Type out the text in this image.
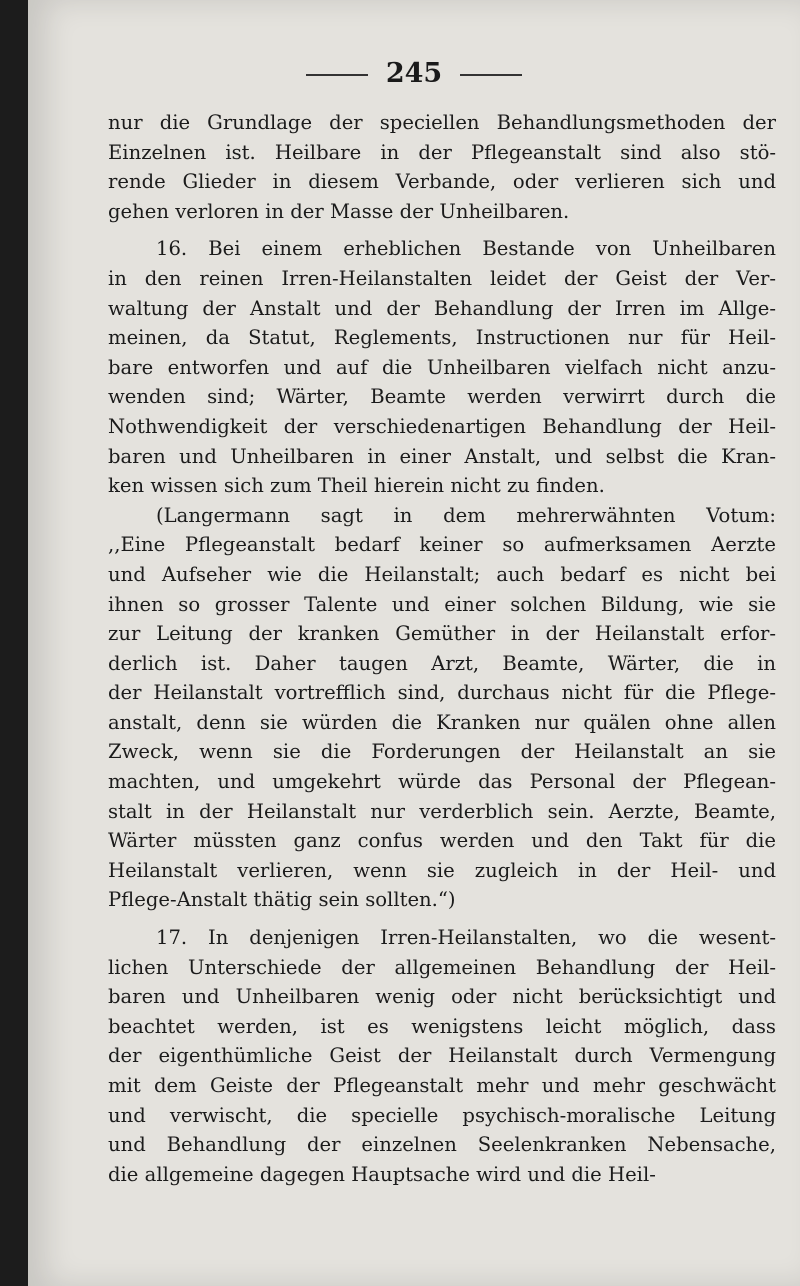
245
nur die Grundlage der speciellen Behandlungsmethoden der
Einzelnen ist. Heilbare in der Pflegeanstalt sind also stö-
rende Glieder in diesem Verbande, oder verlieren sich und
gehen verloren in der Masse der Unheilbaren.
16. Bei einem erheblichen Bestande von Unheilbaren
in den reinen Irren-Heilanstalten leidet der Geist der Ver-
waltung der Anstalt und der Behandlung der Irren im Allge-
meinen, da Statut, Reglements, Instructionen nur für Heil-
bare entworfen und auf die Unheilbaren vielfach nicht anzu-
wenden sind; Wärter, Beamte werden verwirrt durch die
Nothwendigkeit der verschiedenartigen Behandlung der Heil-
baren und Unheilbaren in einer Anstalt, und selbst die Kran-
ken wissen sich zum Theil hierein nicht zu finden.
(Langermann sagt in dem mehrerwähnten Votum:
,,Eine Pflegeanstalt bedarf keiner so aufmerksamen Aerzte
und Aufseher wie die Heilanstalt; auch bedarf es nicht bei
ihnen so grosser Talente und einer solchen Bildung, wie sie
zur Leitung der kranken Gemüther in der Heilanstalt erfor-
derlich ist. Daher taugen Arzt, Beamte, Wärter, die in
der Heilanstalt vortrefflich sind, durchaus nicht für die Pflege-
anstalt, denn sie würden die Kranken nur quälen ohne allen
Zweck, wenn sie die Forderungen der Heilanstalt an sie
machten, und umgekehrt würde das Personal der Pflegean-
stalt in der Heilanstalt nur verderblich sein. Aerzte, Beamte,
Wärter müssten ganz confus werden und den Takt für die
Heilanstalt verlieren, wenn sie zugleich in der Heil- und
Pflege-Anstalt thätig sein sollten.“)
17. In denjenigen Irren-Heilanstalten, wo die wesent-
lichen Unterschiede der allgemeinen Behandlung der Heil-
baren und Unheilbaren wenig oder nicht berücksichtigt und
beachtet werden, ist es wenigstens leicht möglich, dass
der eigenthümliche Geist der Heilanstalt durch Vermengung
mit dem Geiste der Pflegeanstalt mehr und mehr geschwächt
und verwischt, die specielle psychisch-moralische Leitung
und Behandlung der einzelnen Seelenkranken Nebensache,
die allgemeine dagegen Hauptsache wird und die Heil-
